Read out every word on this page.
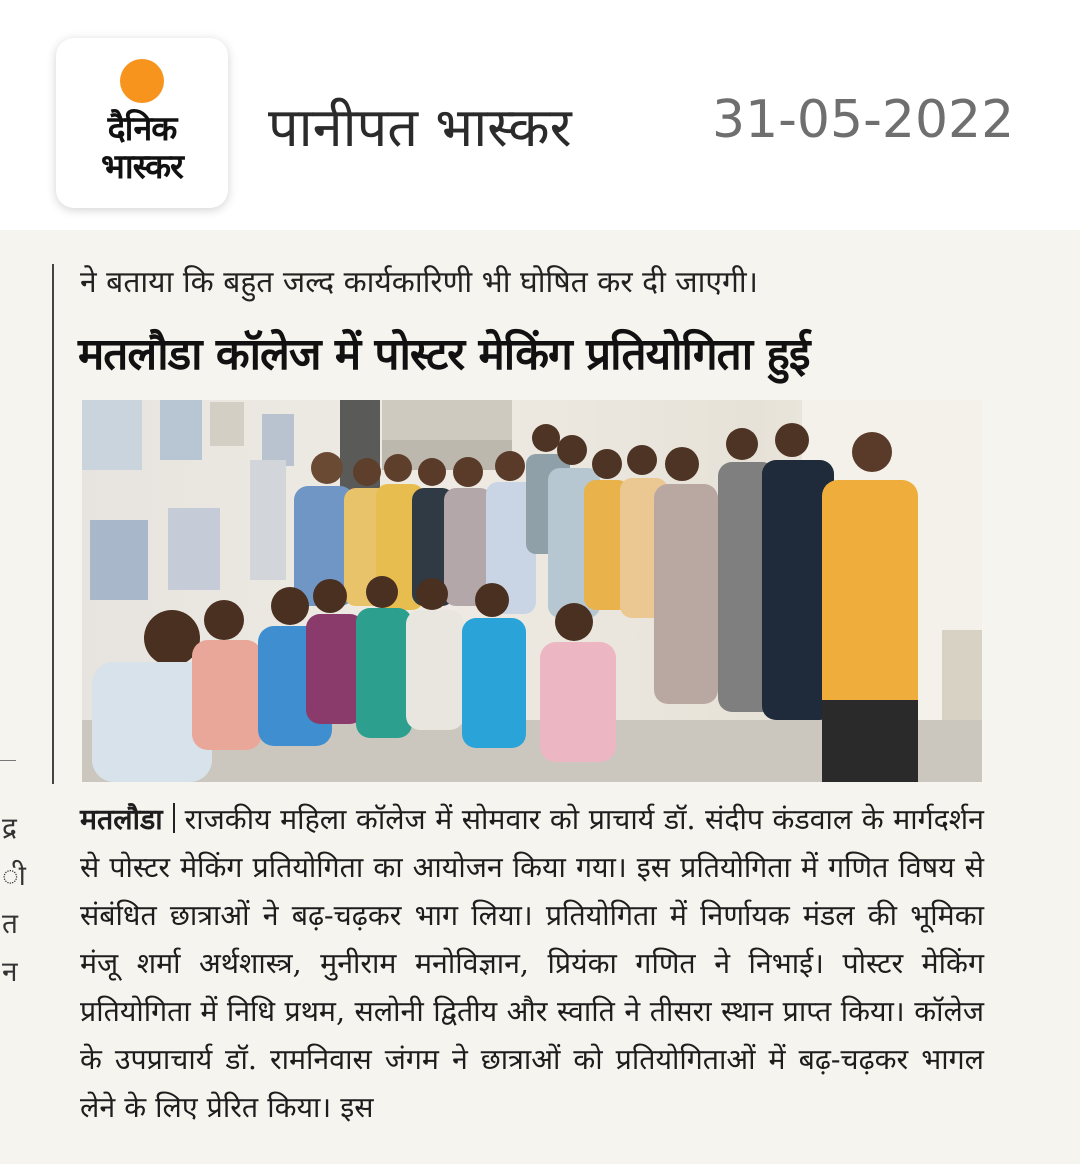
दैनिक
भास्कर
पानीपत भास्कर	31-05-2022
द्र
ी
त
न
ने बताया कि बहुत जल्द कार्यकारिणी भी घोषित कर दी जाएगी।
मतलौडा कॉलेज में पोस्टर मेकिंग प्रतियोगिता हुई
मतलौडा राजकीय महिला कॉलेज में सोमवार को प्राचार्य डॉ. संदीप कंडवाल के मार्गदर्शन से पोस्टर मेकिंग प्रतियोगिता का आयोजन किया गया। इस प्रतियोगिता में गणित विषय से संबंधित छात्राओं ने बढ़-चढ़कर भाग लिया। प्रतियोगिता में निर्णायक मंडल की भूमिका मंजू शर्मा अर्थशास्त्र, मुनीराम मनोविज्ञान, प्रियंका गणित ने निभाई। पोस्टर मेकिंग प्रतियोगिता में निधि प्रथम, सलोनी द्वितीय और स्वाति ने तीसरा स्थान प्राप्त किया। कॉलेज के उपप्राचार्य डॉ. रामनिवास जंगम ने छात्राओं को प्रतियोगिताओं में बढ़-चढ़कर भागल लेने के लिए प्रेरित किया। इस
